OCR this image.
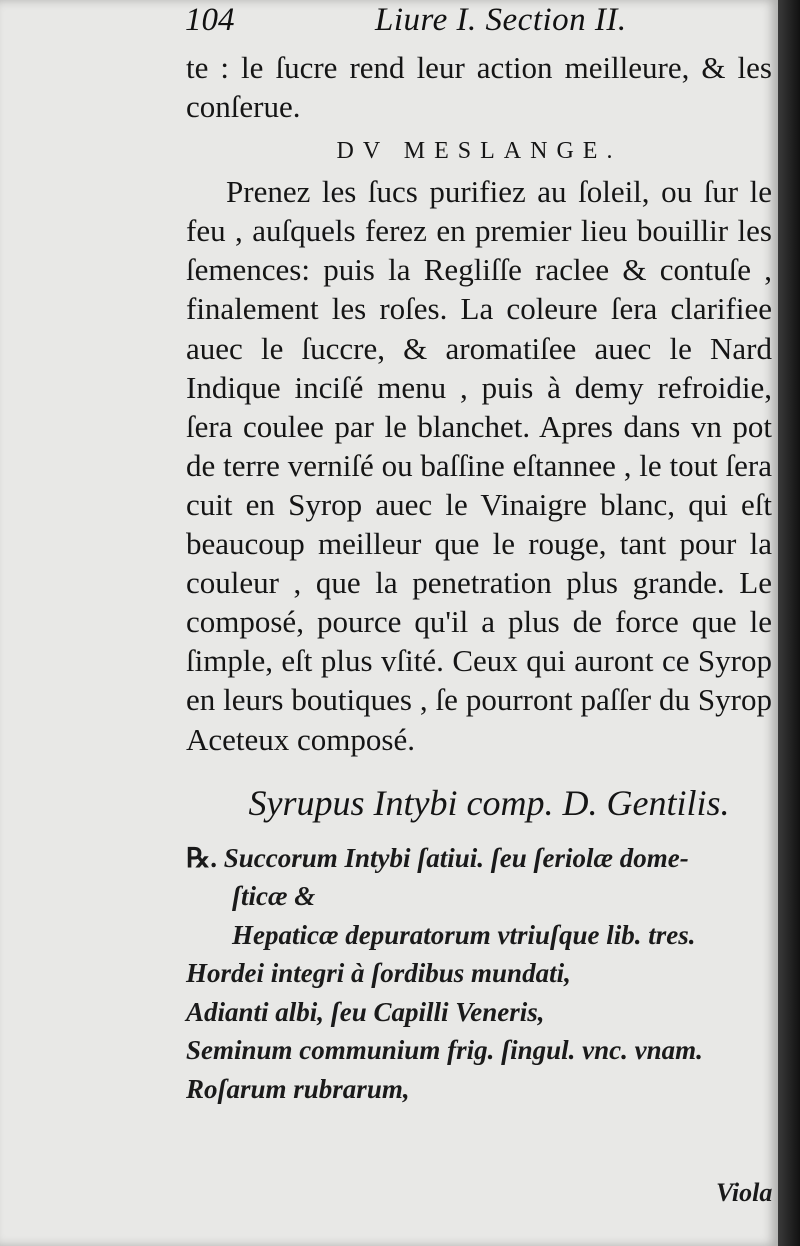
104	Liure I. Section II.

te : le ſucre rend leur action meilleure, & les conſerue.

DV MESLANGE.

Prenez les ſucs purifiez au ſoleil, ou ſur le feu , auſquels ferez en premier lieu bouillir les ſemences: puis la Regliſſe raclee & contuſe , finalement les roſes. La coleure ſera clarifiee auec le ſuccre, & aromatiſee auec le Nard Indique inciſé menu , puis à demy refroidie, ſera coulee par le blanchet. Apres dans vn pot de terre verniſé ou baſſine eſtannee , le tout ſera cuit en Syrop auec le Vinaigre blanc, qui eſt beaucoup meilleur que le rouge, tant pour la couleur , que la penetration plus grande. Le composé, pource qu'il a plus de force que le ſimple, eſt plus vſité. Ceux qui auront ce Syrop en leurs boutiques , ſe pourront paſſer du Syrop Aceteux composé.

Syrupus Intybi comp. D. Gentilis.
℞. Succorum Intybi ſatiui. ſeu ſeriolæ dome-
ſticæ &
Hepaticæ depuratorum vtriuſque lib. tres.
Hordei integri à ſordibus mundati,
Adianti albi, ſeu Capilli Veneris,
Seminum communium frig. ſingul. vnc. vnam.
Roſarum rubrarum,
Viola
